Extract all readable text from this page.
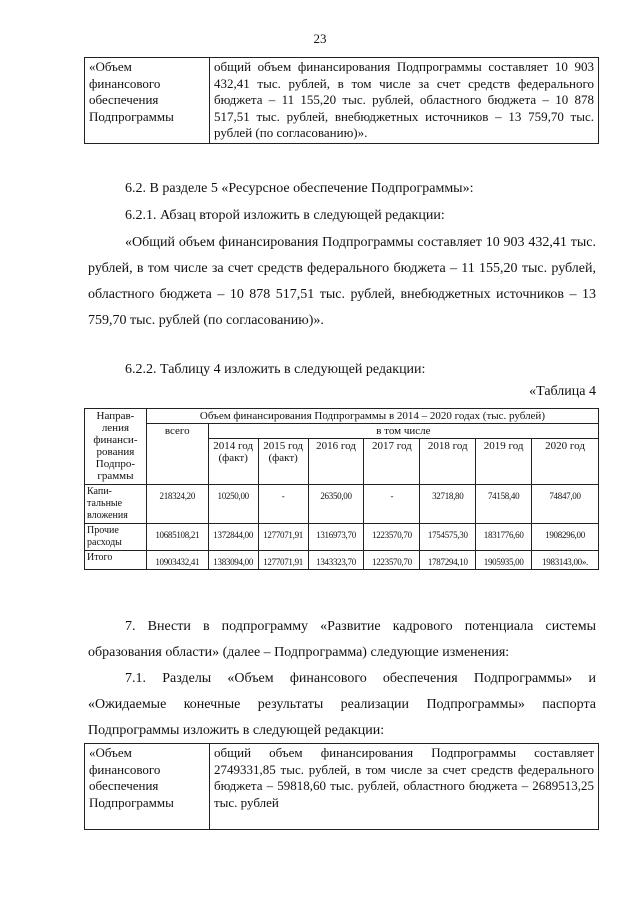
23
«Объем финансового обеспечения Подпрограммы	общий объем финансирования Подпрограммы составляет 10 903 432,41 тыс. рублей, в том числе за счет средств федерального бюджета – 11 155,20 тыс. рублей, областного бюджета – 10 878 517,51 тыс. рублей, внебюджетных источников – 13 759,70 тыс. рублей (по согласованию)».
6.2. В разделе 5 «Ресурсное обеспечение Подпрограммы»:
6.2.1. Абзац второй изложить в следующей редакции:
«Общий объем финансирования Подпрограммы составляет 10 903 432,41 тыс. рублей, в том числе за счет средств федерального бюджета – 11 155,20 тыс. рублей, областного бюджета – 10 878 517,51 тыс. рублей, внебюджетных источников – 13 759,70 тыс. рублей (по согласованию)».
6.2.2. Таблицу 4 изложить в следующей редакции:
«Таблица 4
Направ-ления финанси-рования Подпро-граммы	Объем финансирования Подпрограммы в 2014 – 2020 годах (тыс. рублей)							
	всего	в том числе						
		2014 год (факт)	2015 год (факт)	2016 год	2017 год	2018 год	2019 год	2020 год
Капи-тальные вложения	218324,20	10250,00	-	26350,00	-	32718,80	74158,40	74847,00
Прочие расходы	10685108,21	1372844,00	1277071,91	1316973,70	1223570,70	1754575,30	1831776,60	1908296,00
Итого	10903432,41	1383094,00	1277071,91	1343323,70	1223570,70	1787294,10	1905935,00	1983143,00».
7. Внести в подпрограмму «Развитие кадрового потенциала системы образования области» (далее – Подпрограмма) следующие изменения:
7.1. Разделы «Объем финансового обеспечения Подпрограммы» и «Ожидаемые конечные результаты реализации Подпрограммы» паспорта Подпрограммы изложить в следующей редакции:
«Объем финансового обеспечения Подпрограммы	общий объем финансирования Подпрограммы составляет 2749331,85 тыс. рублей, в том числе за счет средств федерального бюджета – 59818,60 тыс. рублей, областного бюджета – 2689513,25 тыс. рублей
